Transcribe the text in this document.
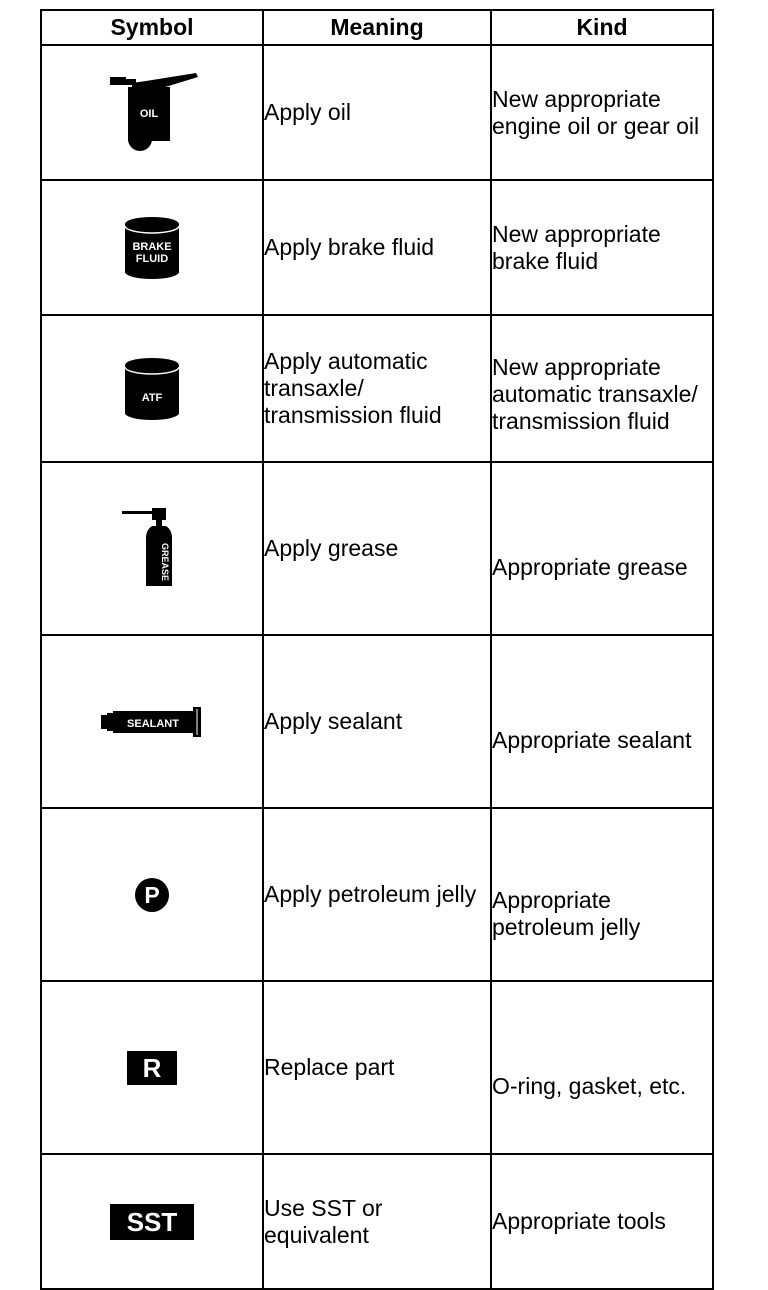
Symbol	Meaning	Kind

OIL	Apply oil	New appropriate engine oil or gear oil

BRAKE
FLUID	Apply brake fluid	New appropriate brake fluid

ATF	Apply automatic transaxle/ transmission fluid	New appropriate automatic transaxle/ transmission fluid

GREASE	Apply grease	Appropriate grease

SEALANT	Apply sealant	Appropriate sealant

P	Apply petroleum jelly	Appropriate petroleum jelly
R	Replace part	O-ring, gasket, etc.
SST	Use SST or equivalent	Appropriate tools
